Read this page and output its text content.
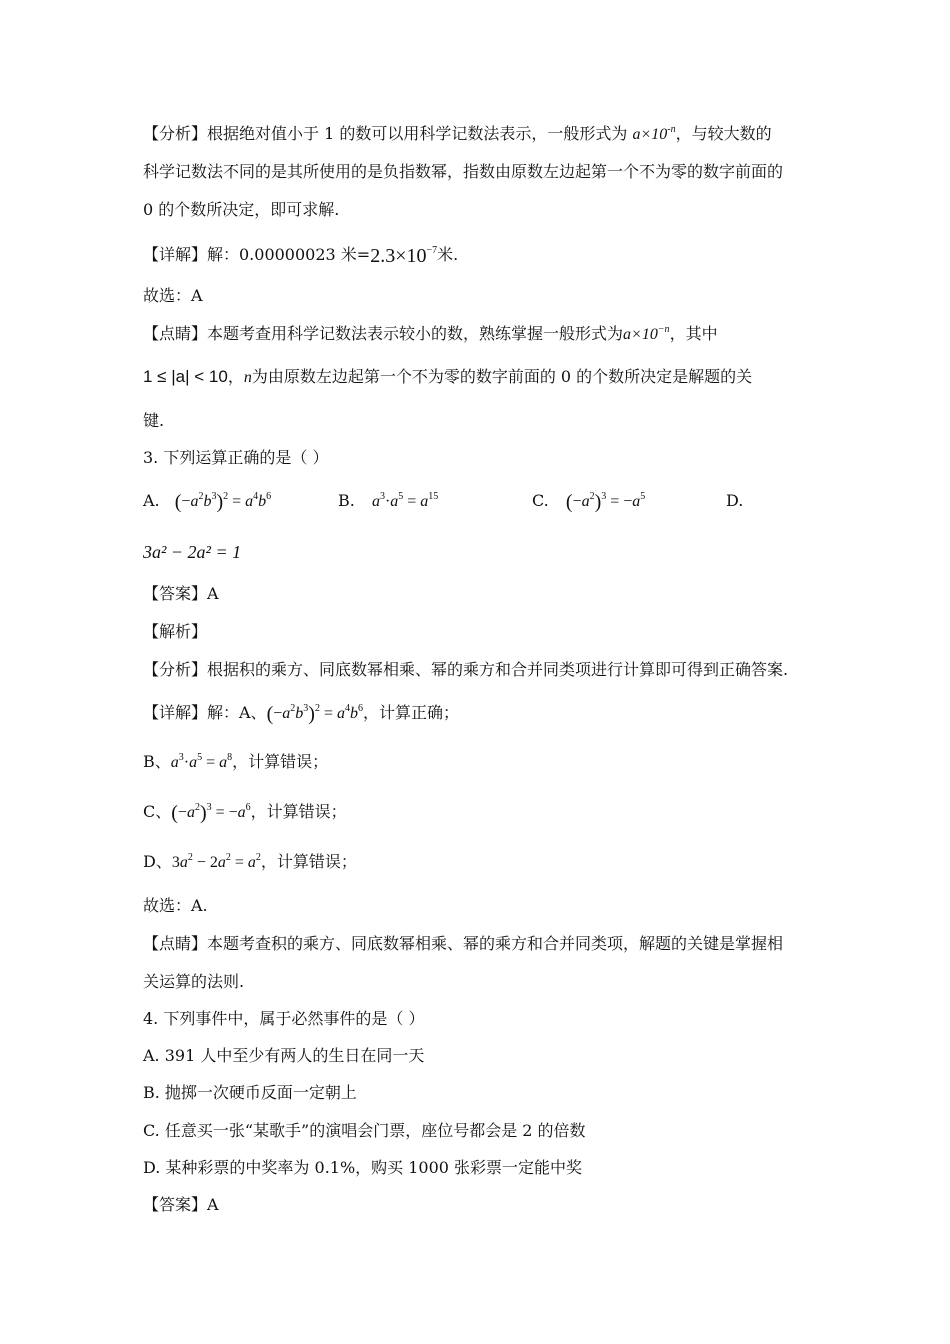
【分析】根据绝对值小于 1 的数可以用科学记数法表示，一般形式为 $a\times 10^{-n}$，与较大数的
科学记数法不同的是其所使用的是负指数幂，指数由原数左边起第一个不为零的数字前面的
0 的个数所决定，即可求解.
【详解】解：0.00000023 米$=2.3\times 10^{-7}$米.
故选：A
【点睛】本题考查用科学记数法表示较小的数，熟练掌握一般形式为$a\times 10^{-n}$，其中
1 ≤ |a| < 10，n为由原数左边起第一个不为零的数字前面的 0 的个数所决定是解题的关
键.
3. 下列运算正确的是（ ）
A. $(-a^2b^3)^2 = a^4b^6$	B. $a^3\cdot a^5 = a^{15}$	C. $(-a^2)^3 = -a^5$	D.
3a² − 2a² = 1
【答案】A
【解析】
【分析】根据积的乘方、同底数幂相乘、幂的乘方和合并同类项进行计算即可得到正确答案.
【详解】解：A、$(-a^2b^3)^2 = a^4b^6$，计算正确；
B、$a^3\cdot a^5 = a^8$，计算错误；
C、$(-a^2)^3 = -a^6$，计算错误；
D、$3a^2 - 2a^2 = a^2$，计算错误；
故选：A.
【点睛】本题考查积的乘方、同底数幂相乘、幂的乘方和合并同类项，解题的关键是掌握相
关运算的法则.
4. 下列事件中，属于必然事件的是（ ）
A. 391 人中至少有两人的生日在同一天
B. 抛掷一次硬币反面一定朝上
C. 任意买一张“某歌手”的演唱会门票，座位号都会是 2 的倍数
D. 某种彩票的中奖率为 0.1%，购买 1000 张彩票一定能中奖
【答案】A
